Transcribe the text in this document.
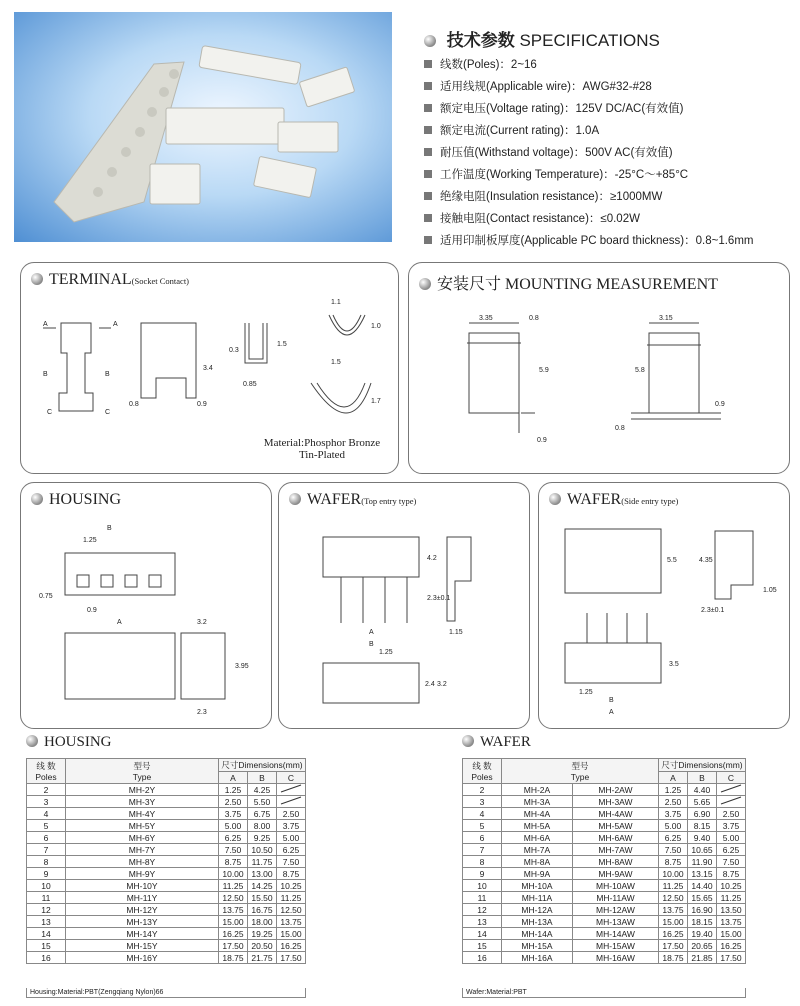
技术参数 SPECIFICATIONS
线数(Poles)：2~16
适用线规(Applicable wire)：AWG#32-#28
额定电压(Voltage rating)：125V DC/AC(有效值)
额定电流(Current rating)：1.0A
耐压值(Withstand voltage)：500V AC(有效值)
工作温度(Working Temperature)：-25°C～+85°C
绝缘电阻(Insulation resistance)：≥1000MW
接触电阻(Contact resistance)：≤0.02W
适用印制板厚度(Applicable PC board thickness)：0.8~1.6mm
TERMINAL(Socket Contact)
Material:Phosphor Bronze
Tin-Plated
1.1
1.0
1.5
1.7
3.4
1.5
0.3
0.85
0.8	0.9
A	A
B	B
C	C
安装尺寸 MOUNTING MEASUREMENT
3.35	0.8
5.9
0.9
3.15
5.8
0.9
0.8
HOUSING
B
1.25
0.75
0.9
A	3.2
3.95
2.3
WAFER(Top entry type)
4.2
2.3±0.1
1.15
A
B
1.25
2.4 3.2
WAFER(Side entry type)
5.5	4.35
1.05
2.3±0.1
3.5
1.25
B
A
HOUSING
线 数
Poles	型号
Type	尺寸Dimensions(mm)		
		A	B	C
2	MH-2Y	1.25	4.25	
3	MH-3Y	2.50	5.50	
4	MH-4Y	3.75	6.75	2.50
5	MH-5Y	5.00	8.00	3.75
6	MH-6Y	6.25	9.25	5.00
7	MH-7Y	7.50	10.50	6.25
8	MH-8Y	8.75	11.75	7.50
9	MH-9Y	10.00	13.00	8.75
10	MH-10Y	11.25	14.25	10.25
11	MH-11Y	12.50	15.50	11.25
12	MH-12Y	13.75	16.75	12.50
13	MH-13Y	15.00	18.00	13.75
14	MH-14Y	16.25	19.25	15.00
15	MH-15Y	17.50	20.50	16.25
16	MH-16Y	18.75	21.75	17.50
Housing:Material:PBT(Zengqiang Nylon)66
WAFER
线 数
Poles	型号
Type		尺寸Dimensions(mm)		
			A	B	C
2	MH-2A	MH-2AW	1.25	4.40	
3	MH-3A	MH-3AW	2.50	5.65	
4	MH-4A	MH-4AW	3.75	6.90	2.50
5	MH-5A	MH-5AW	5.00	8.15	3.75
6	MH-6A	MH-6AW	6.25	9.40	5.00
7	MH-7A	MH-7AW	7.50	10.65	6.25
8	MH-8A	MH-8AW	8.75	11.90	7.50
9	MH-9A	MH-9AW	10.00	13.15	8.75
10	MH-10A	MH-10AW	11.25	14.40	10.25
11	MH-11A	MH-11AW	12.50	15.65	11.25
12	MH-12A	MH-12AW	13.75	16.90	13.50
13	MH-13A	MH-13AW	15.00	18.15	13.75
14	MH-14A	MH-14AW	16.25	19.40	15.00
15	MH-15A	MH-15AW	17.50	20.65	16.25
16	MH-16A	MH-16AW	18.75	21.85	17.50
Wafer:Material:PBT
